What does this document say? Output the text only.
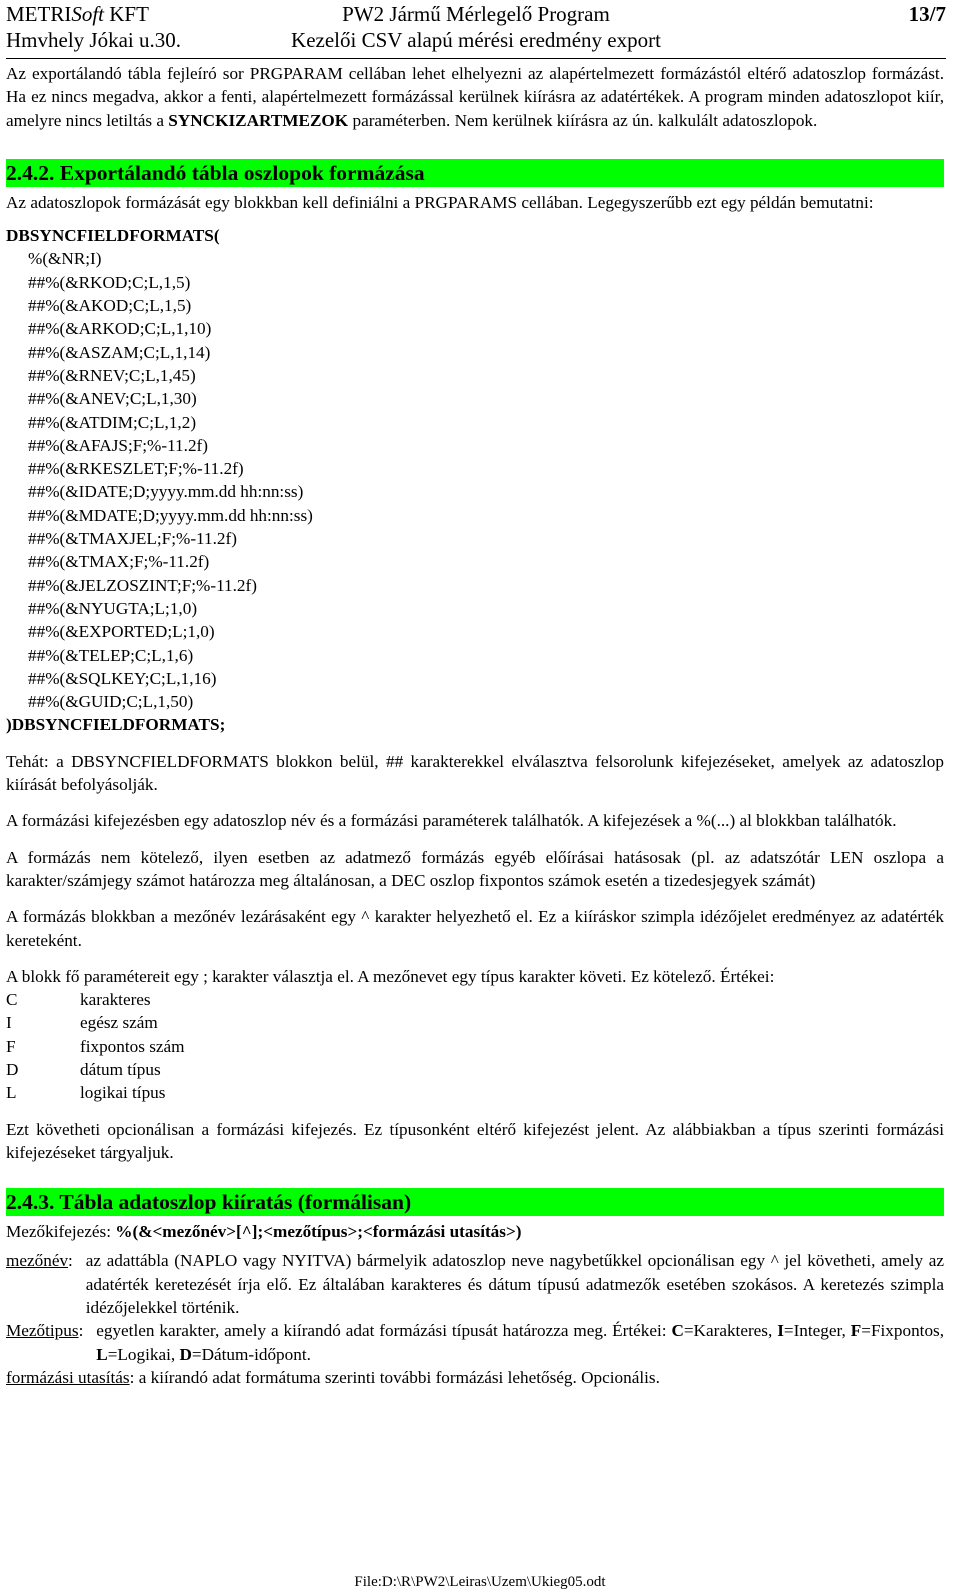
METRISoft KFT	PW2 Jármű Mérlegelő Program	13/7
Hmvhely Jókai u.30.	Kezelői CSV alapú mérési eredmény export

Az exportálandó tábla fejleíró sor PRGPARAM cellában lehet elhelyezni az alapértelmezett formázástól eltérő adatoszlop formázást. Ha ez nincs megadva, akkor a fenti, alapértelmezett formázással kerülnek kiírásra az adatértékek. A program minden adatoszlopot kiír, amelyre nincs letiltás a SYNCKIZARTMEZOK paraméterben. Nem kerülnek kiírásra az ún. kalkulált adatoszlopok.

2.4.2. Exportálandó tábla oszlopok formázása

Az adatoszlopok formázását egy blokkban kell definiálni a PRGPARAMS cellában. Legegyszerűbb ezt egy példán bemutatni:

DBSYNCFIELDFORMATS(
%(&NR;I)
##%(&RKOD;C;L,1,5)
##%(&AKOD;C;L,1,5)
##%(&ARKOD;C;L,1,10)
##%(&ASZAM;C;L,1,14)
##%(&RNEV;C;L,1,45)
##%(&ANEV;C;L,1,30)
##%(&ATDIM;C;L,1,2)
##%(&AFAJS;F;%-11.2f)
##%(&RKESZLET;F;%-11.2f)
##%(&IDATE;D;yyyy.mm.dd hh:nn:ss)
##%(&MDATE;D;yyyy.mm.dd hh:nn:ss)
##%(&TMAXJEL;F;%-11.2f)
##%(&TMAX;F;%-11.2f)
##%(&JELZOSZINT;F;%-11.2f)
##%(&NYUGTA;L;1,0)
##%(&EXPORTED;L;1,0)
##%(&TELEP;C;L,1,6)
##%(&SQLKEY;C;L,1,16)
##%(&GUID;C;L,1,50)
)DBSYNCFIELDFORMATS;

Tehát: a DBSYNCFIELDFORMATS blokkon belül, ## karakterekkel elválasztva felsorolunk kifejezéseket, amelyek az adatoszlop kiírását befolyásolják.

A formázási kifejezésben egy adatoszlop név és a formázási paraméterek találhatók. A kifejezések a %(...) al blokkban találhatók.

A formázás nem kötelező, ilyen esetben az adatmező formázás egyéb előírásai hatásosak (pl. az adatszótár LEN oszlopa a karakter/számjegy számot határozza meg általánosan, a DEC oszlop fixpontos számok esetén a tizedesjegyek számát)

A formázás blokkban a mezőnév lezárásaként egy ^ karakter helyezhető el. Ez a kiíráskor szimpla idézőjelet eredményez az adatérték kereteként.

A blokk fő paramétereit egy ; karakter választja el. A mezőnevet egy típus karakter követi. Ez kötelező. Értékei:

C	karakteres
I	egész szám
F	fixpontos szám
D	dátum típus
L	logikai típus

Ezt követheti opcionálisan a formázási kifejezés. Ez típusonként eltérő kifejezést jelent. Az alábbiakban a típus szerinti formázási kifejezéseket tárgyaljuk.

2.4.3. Tábla adatoszlop kiíratás (formálisan)

Mezőkifejezés: %(&<mezőnév>[^];<mezőtípus>;<formázási utasítás>)

mezőnév : az adattábla (NAPLO vagy NYITVA) bármelyik adatoszlop neve nagybetűkkel opcionálisan egy ^ jel követheti, amely az adatérték keretezését írja elő. Ez általában karakteres és dátum típusú adatmezők esetében szokásos. A keretezés szimpla idézőjelekkel történik.
Mezőtipus : egyetlen karakter, amely a kiírandó adat formázási típusát határozza meg. Értékei: C=Karakteres, I=Integer, F=Fixpontos, L=Logikai, D=Dátum-időpont.
formázási utasítás : a kiírandó adat formátuma szerinti további formázási lehetőség. Opcionális.
File:D:\R\PW2\Leiras\Uzem\Ukieg05.odt
